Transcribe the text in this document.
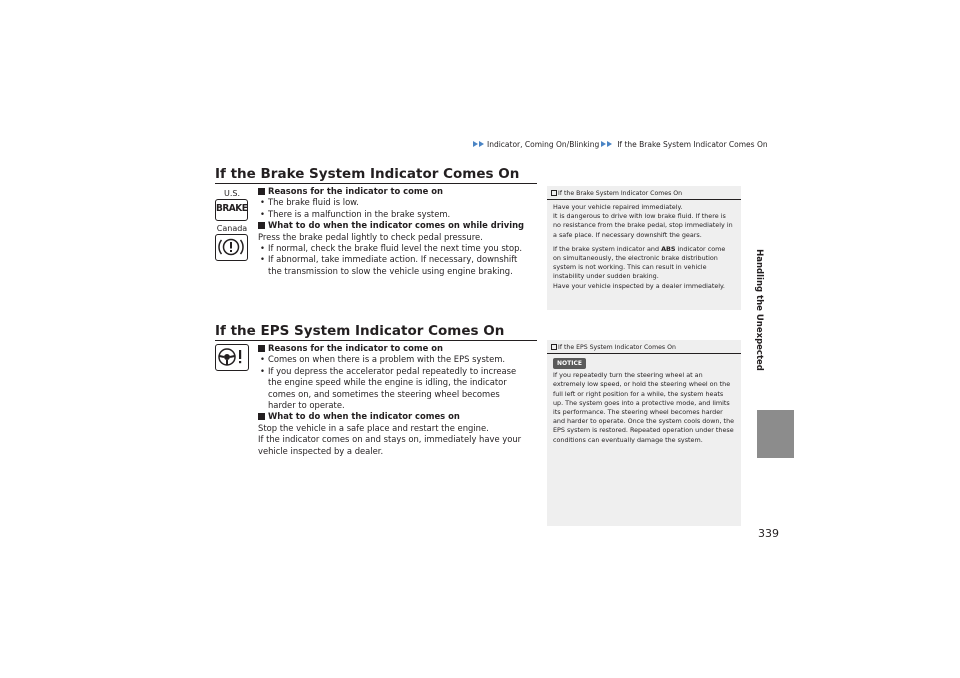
Indicator, Coming On/Blinking If the Brake System Indicator Comes On
Handling the Unexpected
339
If the Brake System Indicator Comes On
U.S.
BRAKE
Canada

Reasons for the indicator to come on

• The brake fluid is low.

• There is a malfunction in the brake system.

What to do when the indicator comes on while driving

Press the brake pedal lightly to check pedal pressure.

• If normal, check the brake fluid level the next time you stop.

• If abnormal, take immediate action. If necessary, downshift the transmission to slow the vehicle using engine braking.

If the EPS System Indicator Comes On

Reasons for the indicator to come on

• Comes on when there is a problem with the EPS system.

• If you depress the accelerator pedal repeatedly to increase the engine speed while the engine is idling, the indicator comes on, and sometimes the steering wheel becomes harder to operate.

What to do when the indicator comes on

Stop the vehicle in a safe place and restart the engine.

If the indicator comes on and stays on, immediately have your vehicle inspected by a dealer.

If the Brake System Indicator Comes On

Have your vehicle repaired immediately.

It is dangerous to drive with low brake fluid. If there is no resistance from the brake pedal, stop immediately in a safe place. If necessary downshift the gears.

If the brake system indicator and ABS indicator come on simultaneously, the electronic brake distribution system is not working. This can result in vehicle instability under sudden braking.

Have your vehicle inspected by a dealer immediately.

If the EPS System Indicator Comes On
NOTICE

If you repeatedly turn the steering wheel at an extremely low speed, or hold the steering wheel on the full left or right position for a while, the system heats up. The system goes into a protective mode, and limits its performance. The steering wheel becomes harder and harder to operate. Once the system cools down, the EPS system is restored. Repeated operation under these conditions can eventually damage the system.
